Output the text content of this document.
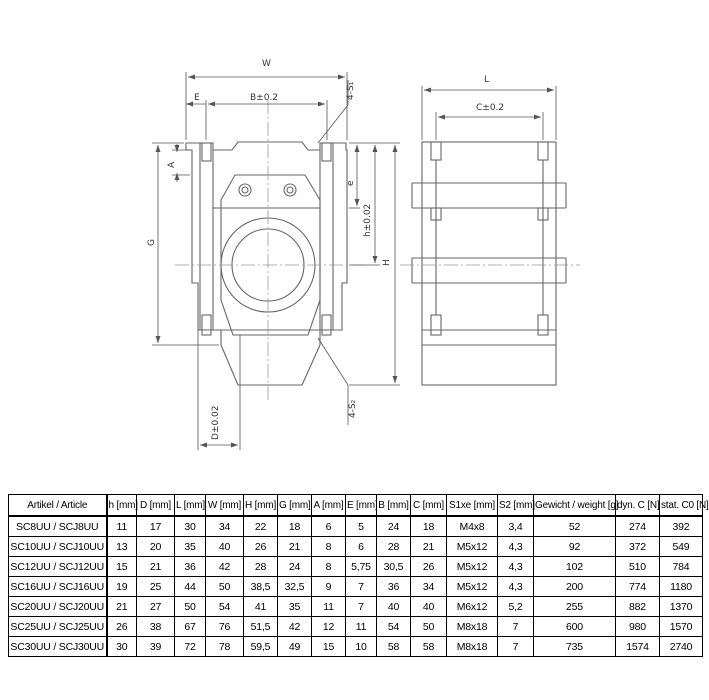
W
B±0.2
E	4-S₁
4-S₂
h±0.02
e
H
G
A
D±0.02
L
C±0.2
Artikel / Article	h [mm]	D [mm]	L [mm]	W [mm]	H [mm]	G [mm]	A [mm]	E [mm]	B [mm]	C [mm]	S1xe [mm]	S2 [mm]	Gewicht / weight [g]	dyn. C [N]	stat. C0 [N]
SC8UU / SCJ8UU	11	17	30	34	22	18	6	5	24	18	M4x8	3,4	52	274	392
SC10UU / SCJ10UU	13	20	35	40	26	21	8	6	28	21	M5x12	4,3	92	372	549
SC12UU / SCJ12UU	15	21	36	42	28	24	8	5,75	30,5	26	M5x12	4,3	102	510	784
SC16UU / SCJ16UU	19	25	44	50	38,5	32,5	9	7	36	34	M5x12	4,3	200	774	1180
SC20UU / SCJ20UU	21	27	50	54	41	35	11	7	40	40	M6x12	5,2	255	882	1370
SC25UU / SCJ25UU	26	38	67	76	51,5	42	12	11	54	50	M8x18	7	600	980	1570
SC30UU / SCJ30UU	30	39	72	78	59,5	49	15	10	58	58	M8x18	7	735	1574	2740
